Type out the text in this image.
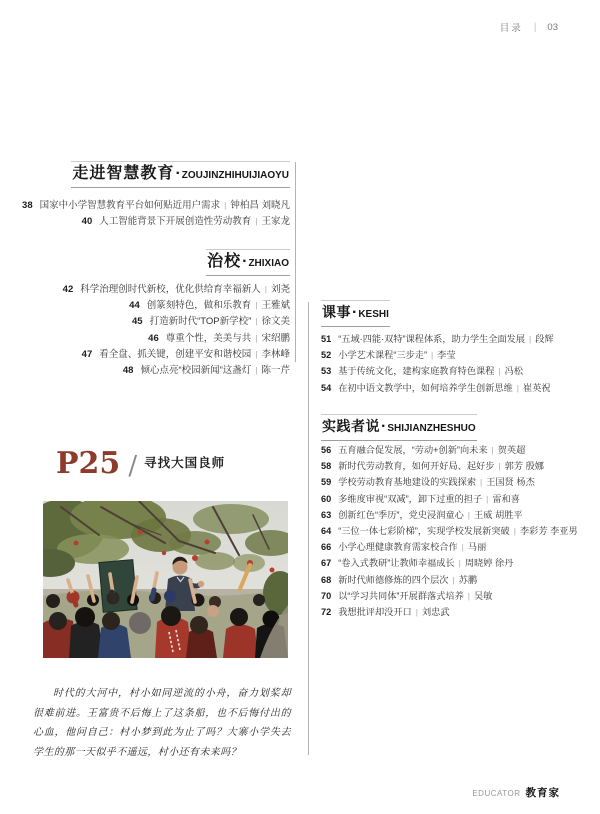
目录 | 03
走进智慧教育·ZOUJINZHIHUIJIAOYU
38 国家中小学智慧教育平台如何贴近用户需求 | 钟柏昌 刘晓凡
40 人工智能背景下开展创造性劳动教育 | 王家龙
治校·ZHIXIAO
42 科学治理创时代新校，优化供给育幸福新人 | 刘尧
44 创篆刻特色，做和乐教育 | 王雅斌
45 打造新时代“TOP新学校” | 徐文美
46 尊重个性，美美与共 | 宋绍鹏
47 看全盘、抓关键，创建平安和谐校园 | 李林峰
48 倾心点亮“校园新闻”这盏灯 | 陈一芹
P25 / 寻找大国良师

时代的大河中，村小如同逆流的小舟，奋力划桨却很难前进。王富贵不后悔上了这条船，也不后悔付出的心血，他问自己：村小梦到此为止了吗？大寨小学失去学生的那一天似乎不遥远，村小还有未来吗？

课事·KESHI
51 “五域·四能·双特”课程体系，助力学生全面发展 | 段辉
52 小学艺术课程“三步走” | 李莹
53 基于传统文化，建构家庭教育特色课程 | 冯松
54 在初中语文教学中，如何培养学生创新思维 | 崔英祝
实践者说·SHIJIANZHESHUO
56 五育融合促发展，“劳动+创新”向未来 | 贺英超
58 新时代劳动教育，如何开好局、起好步 | 郭芳 殷娜
59 学校劳动教育基地建设的实践探索 | 王国贤 杨杰
60 多维度审视“双减”，卸下过重的担子 | 雷和喜
63 创新红色“季历”，党史浸润童心 | 王威 胡胜平
64 “三位一体七彩阶梯”，实现学校发展新突破 | 李彩芳 李亚男
66 小学心理健康教育需家校合作 | 马丽
67 “卷入式教研”让教师幸福成长 | 周晓婷 徐丹
68 新时代师德修炼的四个层次 | 苏鹏
70 以“学习共同体”开展群落式培养 | 吴敏
72 我想批评却没开口 | 刘忠武
EDUCATOR 教育家
